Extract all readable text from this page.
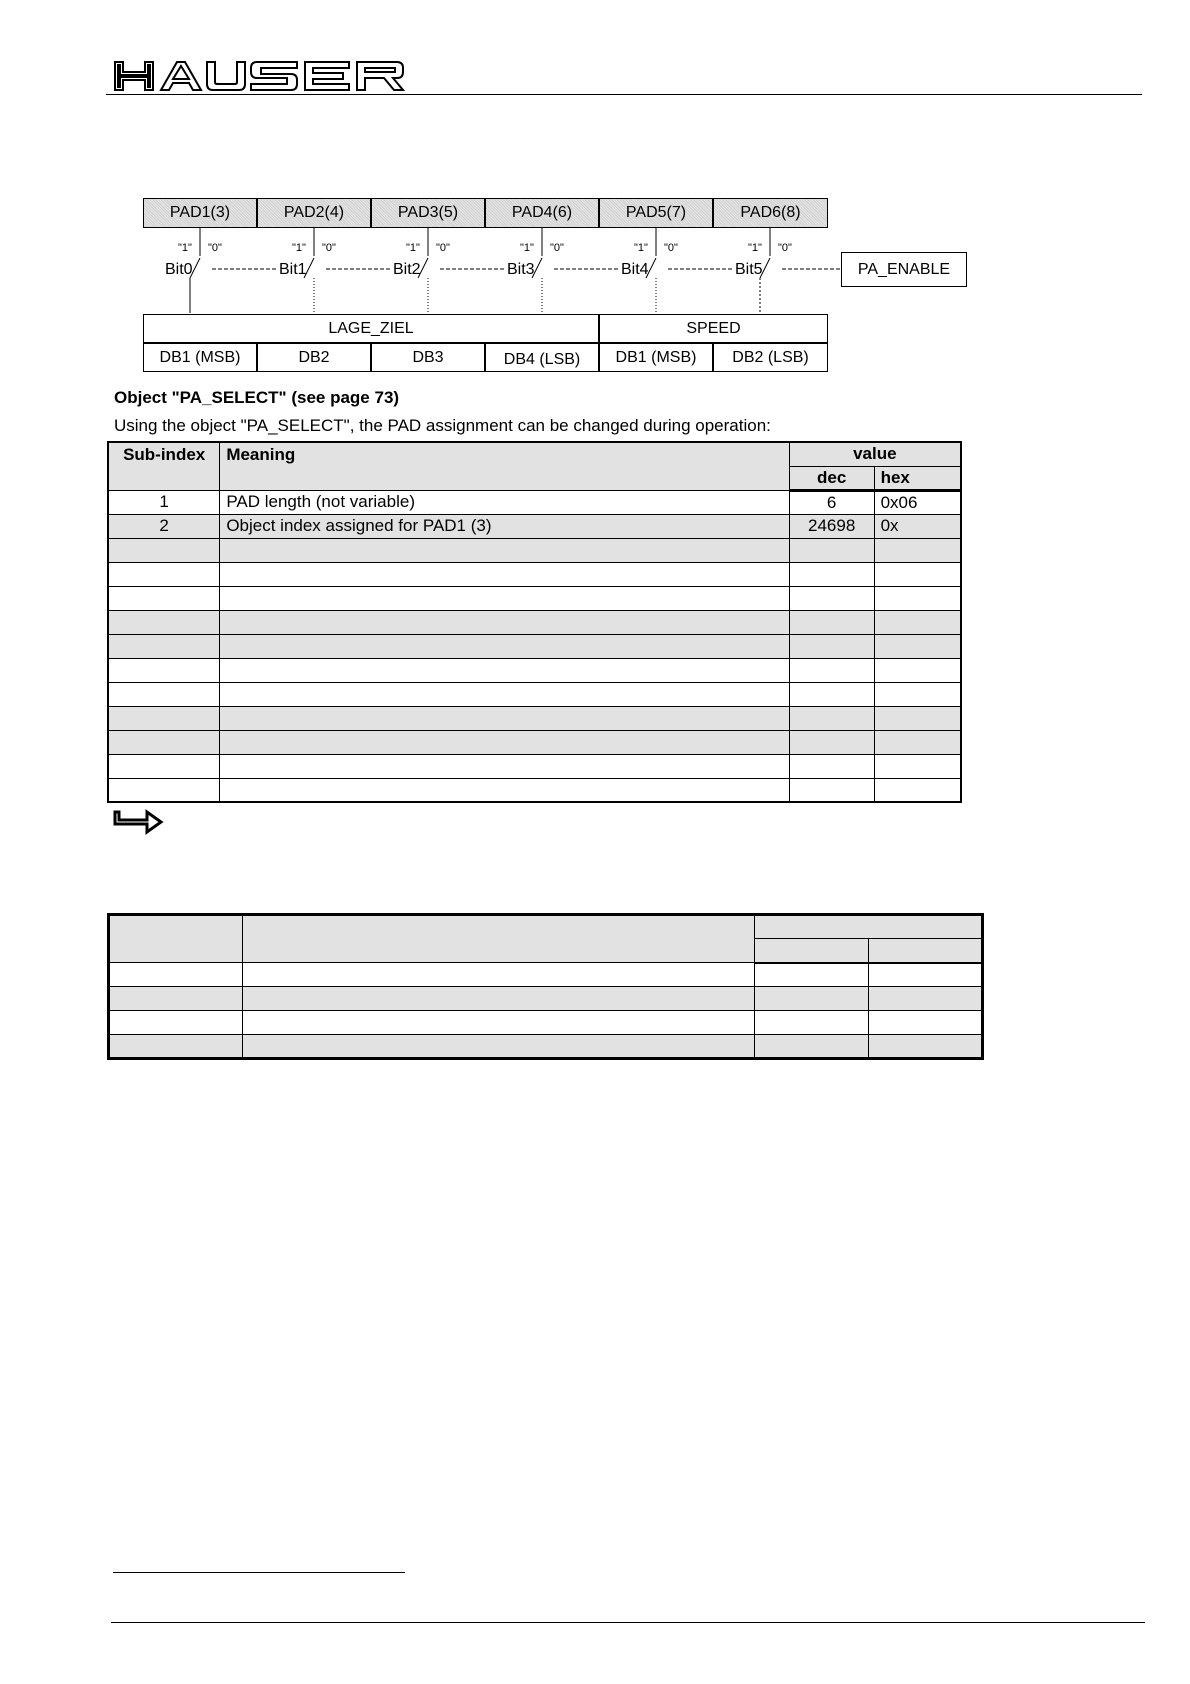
PAD1(3)	PAD2(4)	PAD3(5)	PAD4(6)	PAD5(7)	PAD6(8)
"1" "0"	"1" "0"	"1" "0"	"1" "0"	"1" "0"	"1" "0"
Bit0	Bit1	Bit2	Bit3	Bit4	Bit5	PA_ENABLE
LAGE_ZIEL	SPEED
DB1 (MSB)	DB2	DB3	DB4 (LSB)	DB1 (MSB)	DB2 (LSB)
Object "PA_SELECT" (see page 73)
Using the object "PA_SELECT", the PAD assignment can be changed during operation:
Sub-index	Meaning	value	
		dec	hex
1	PAD length (not variable)	6	0x06
2	Object index assigned for PAD1 (3)	24698	0x
